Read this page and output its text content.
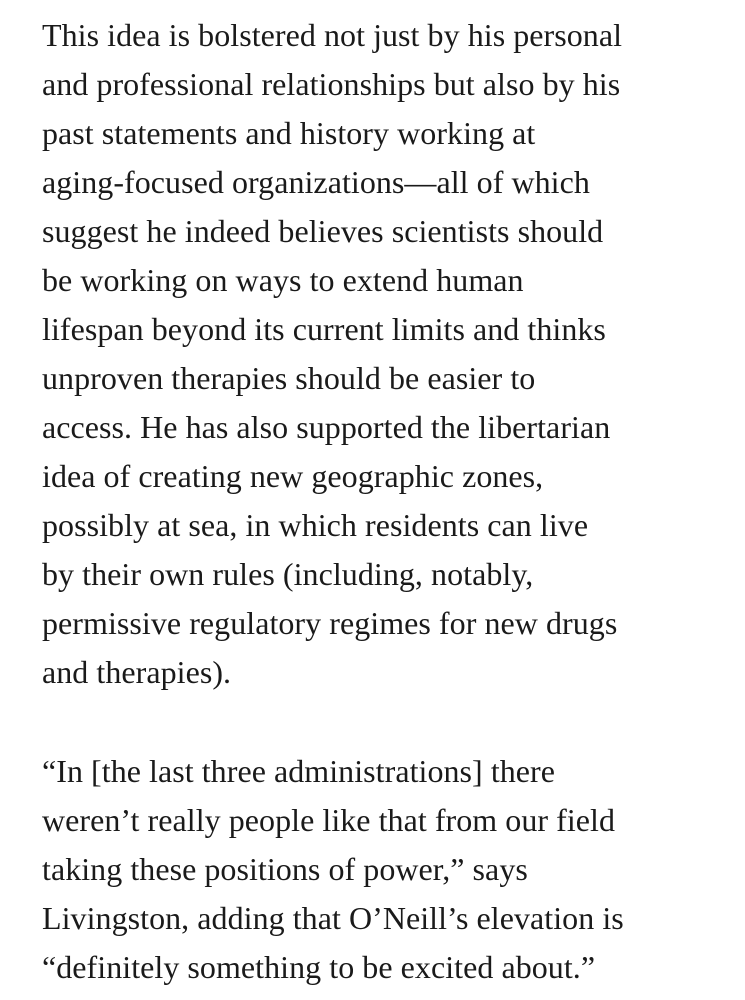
This idea is bolstered not just by his personal
and professional relationships but also by his
past statements and history working at
aging-focused organizations—all of which
suggest he indeed believes scientists should
be working on ways to extend human
lifespan beyond its current limits and thinks
unproven therapies should be easier to
access. He has also supported the libertarian
idea of creating new geographic zones,
possibly at sea, in which residents can live
by their own rules (including, notably,
permissive regulatory regimes for new drugs
and therapies).
“In [the last three administrations] there
weren’t really people like that from our field
taking these positions of power,” says
Livingston, adding that O’Neill’s elevation is
“definitely something to be excited about.”
